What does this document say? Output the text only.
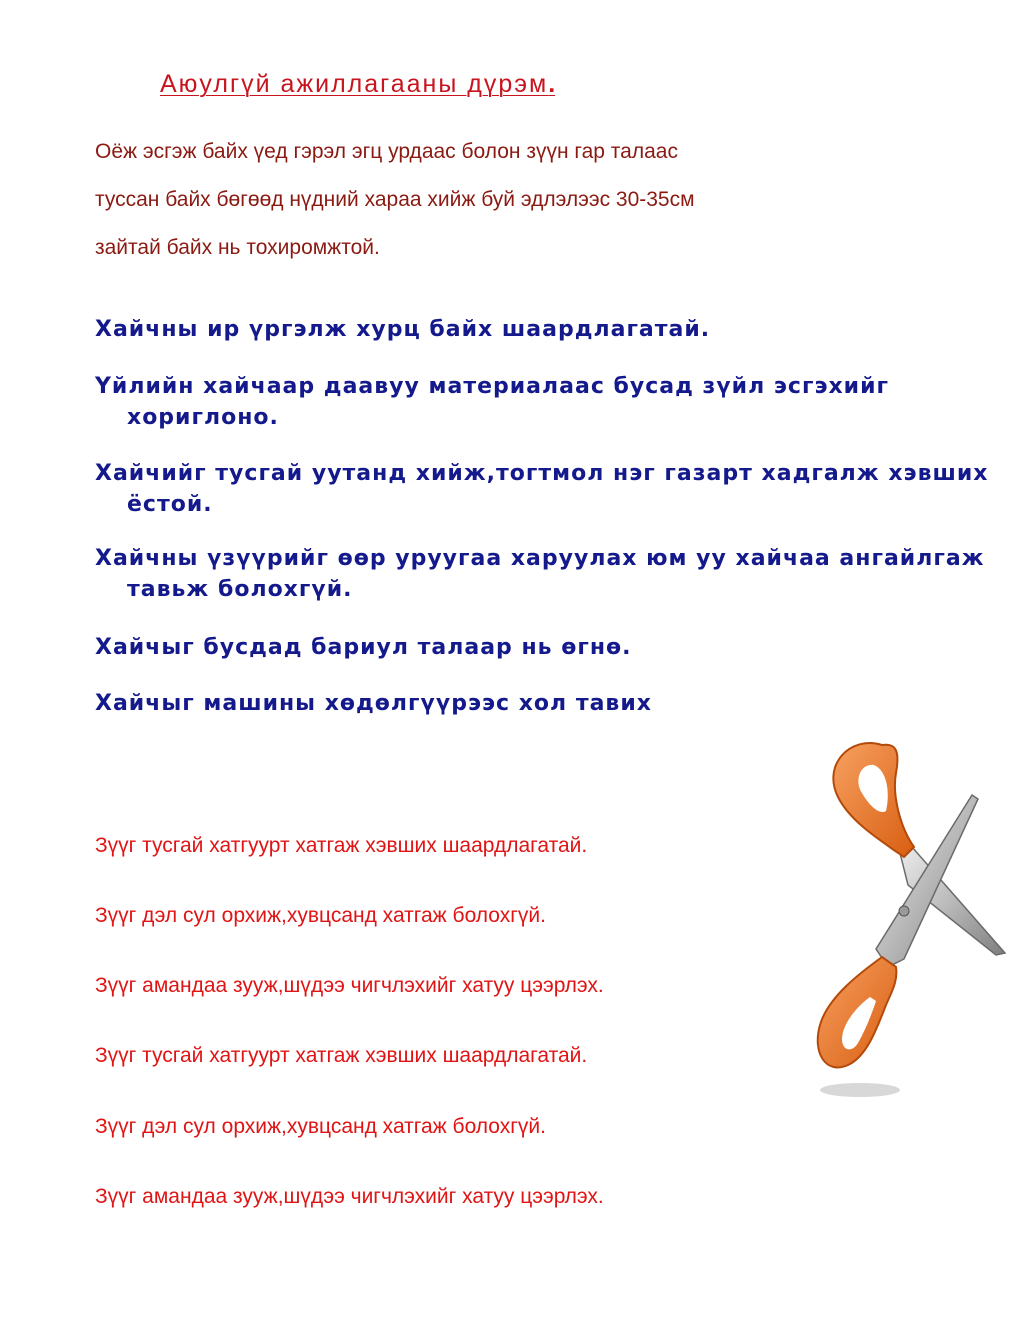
Аюулгүй ажиллагааны дүрэм.

Оёж эсгэж байх үед гэрэл эгц урдаас болон зүүн гар талаас
туссан байх бөгөөд нүдний хараа хийж буй эдлэлээс 30-35см
зайтай байх нь тохиромжтой.

Хайчны ир үргэлж хурц байх шаардлагатай.
Үйлийн хайчаар даавуу материалаас бусад зүйл эсгэхийг хориглоно.
Хайчийг тусгай уутанд хийж,тогтмол нэг газарт хадгалж хэвших ёстой.
Хайчны үзүүрийг өөр уруугаа харуулах юм уу хайчаа ангайлгаж тавьж болохгүй.
Хайчыг бусдад бариул талаар нь өгнө.
Хайчыг машины хөдөлгүүрээс хол тавих

Зүүг тусгай хатгуурт хатгаж хэвших шаардлагатай.

Зүүг дэл сул орхиж,хувцсанд хатгаж болохгүй.

Зүүг амандаа зууж,шүдээ чигчлэхийг хатуу цээрлэх.

Зүүг тусгай хатгуурт хатгаж хэвших шаардлагатай.

Зүүг дэл сул орхиж,хувцсанд хатгаж болохгүй.

Зүүг амандаа зууж,шүдээ чигчлэхийг хатуу цээрлэх.
